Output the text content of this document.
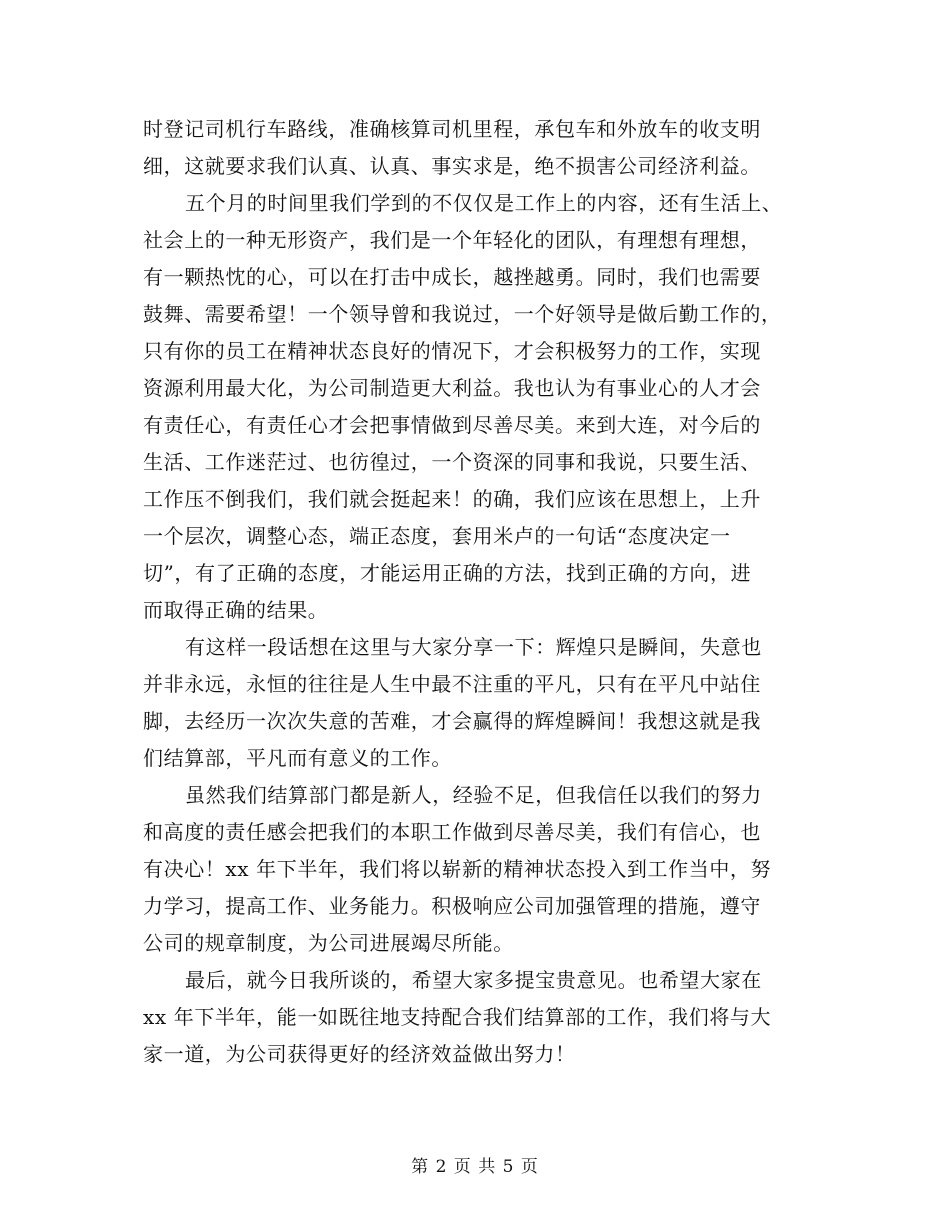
时登记司机行车路线，准确核算司机里程，承包车和外放车的收支明
细，这就要求我们认真、认真、事实求是，绝不损害公司经济利益。
五个月的时间里我们学到的不仅仅是工作上的内容，还有生活上、
社会上的一种无形资产，我们是一个年轻化的团队，有理想有理想，
有一颗热忱的心，可以在打击中成长，越挫越勇。同时，我们也需要
鼓舞、需要希望！一个领导曾和我说过，一个好领导是做后勤工作的，
只有你的员工在精神状态良好的情况下，才会积极努力的工作，实现
资源利用最大化，为公司制造更大利益。我也认为有事业心的人才会
有责任心，有责任心才会把事情做到尽善尽美。来到大连，对今后的
生活、工作迷茫过、也彷徨过，一个资深的同事和我说，只要生活、
工作压不倒我们，我们就会挺起来！的确，我们应该在思想上，上升
一个层次，调整心态，端正态度，套用米卢的一句话“态度决定一
切”，有了正确的态度，才能运用正确的方法，找到正确的方向，进
而取得正确的结果。
有这样一段话想在这里与大家分享一下：辉煌只是瞬间，失意也
并非永远，永恒的往往是人生中最不注重的平凡，只有在平凡中站住
脚，去经历一次次失意的苦难，才会赢得的辉煌瞬间！我想这就是我
们结算部，平凡而有意义的工作。
虽然我们结算部门都是新人，经验不足，但我信任以我们的努力
和高度的责任感会把我们的本职工作做到尽善尽美，我们有信心，也
有决心！xx 年下半年，我们将以崭新的精神状态投入到工作当中，努
力学习，提高工作、业务能力。积极响应公司加强管理的措施，遵守
公司的规章制度，为公司进展竭尽所能。
最后，就今日我所谈的，希望大家多提宝贵意见。也希望大家在
xx 年下半年，能一如既往地支持配合我们结算部的工作，我们将与大
家一道，为公司获得更好的经济效益做出努力！
第 2 页 共 5 页
